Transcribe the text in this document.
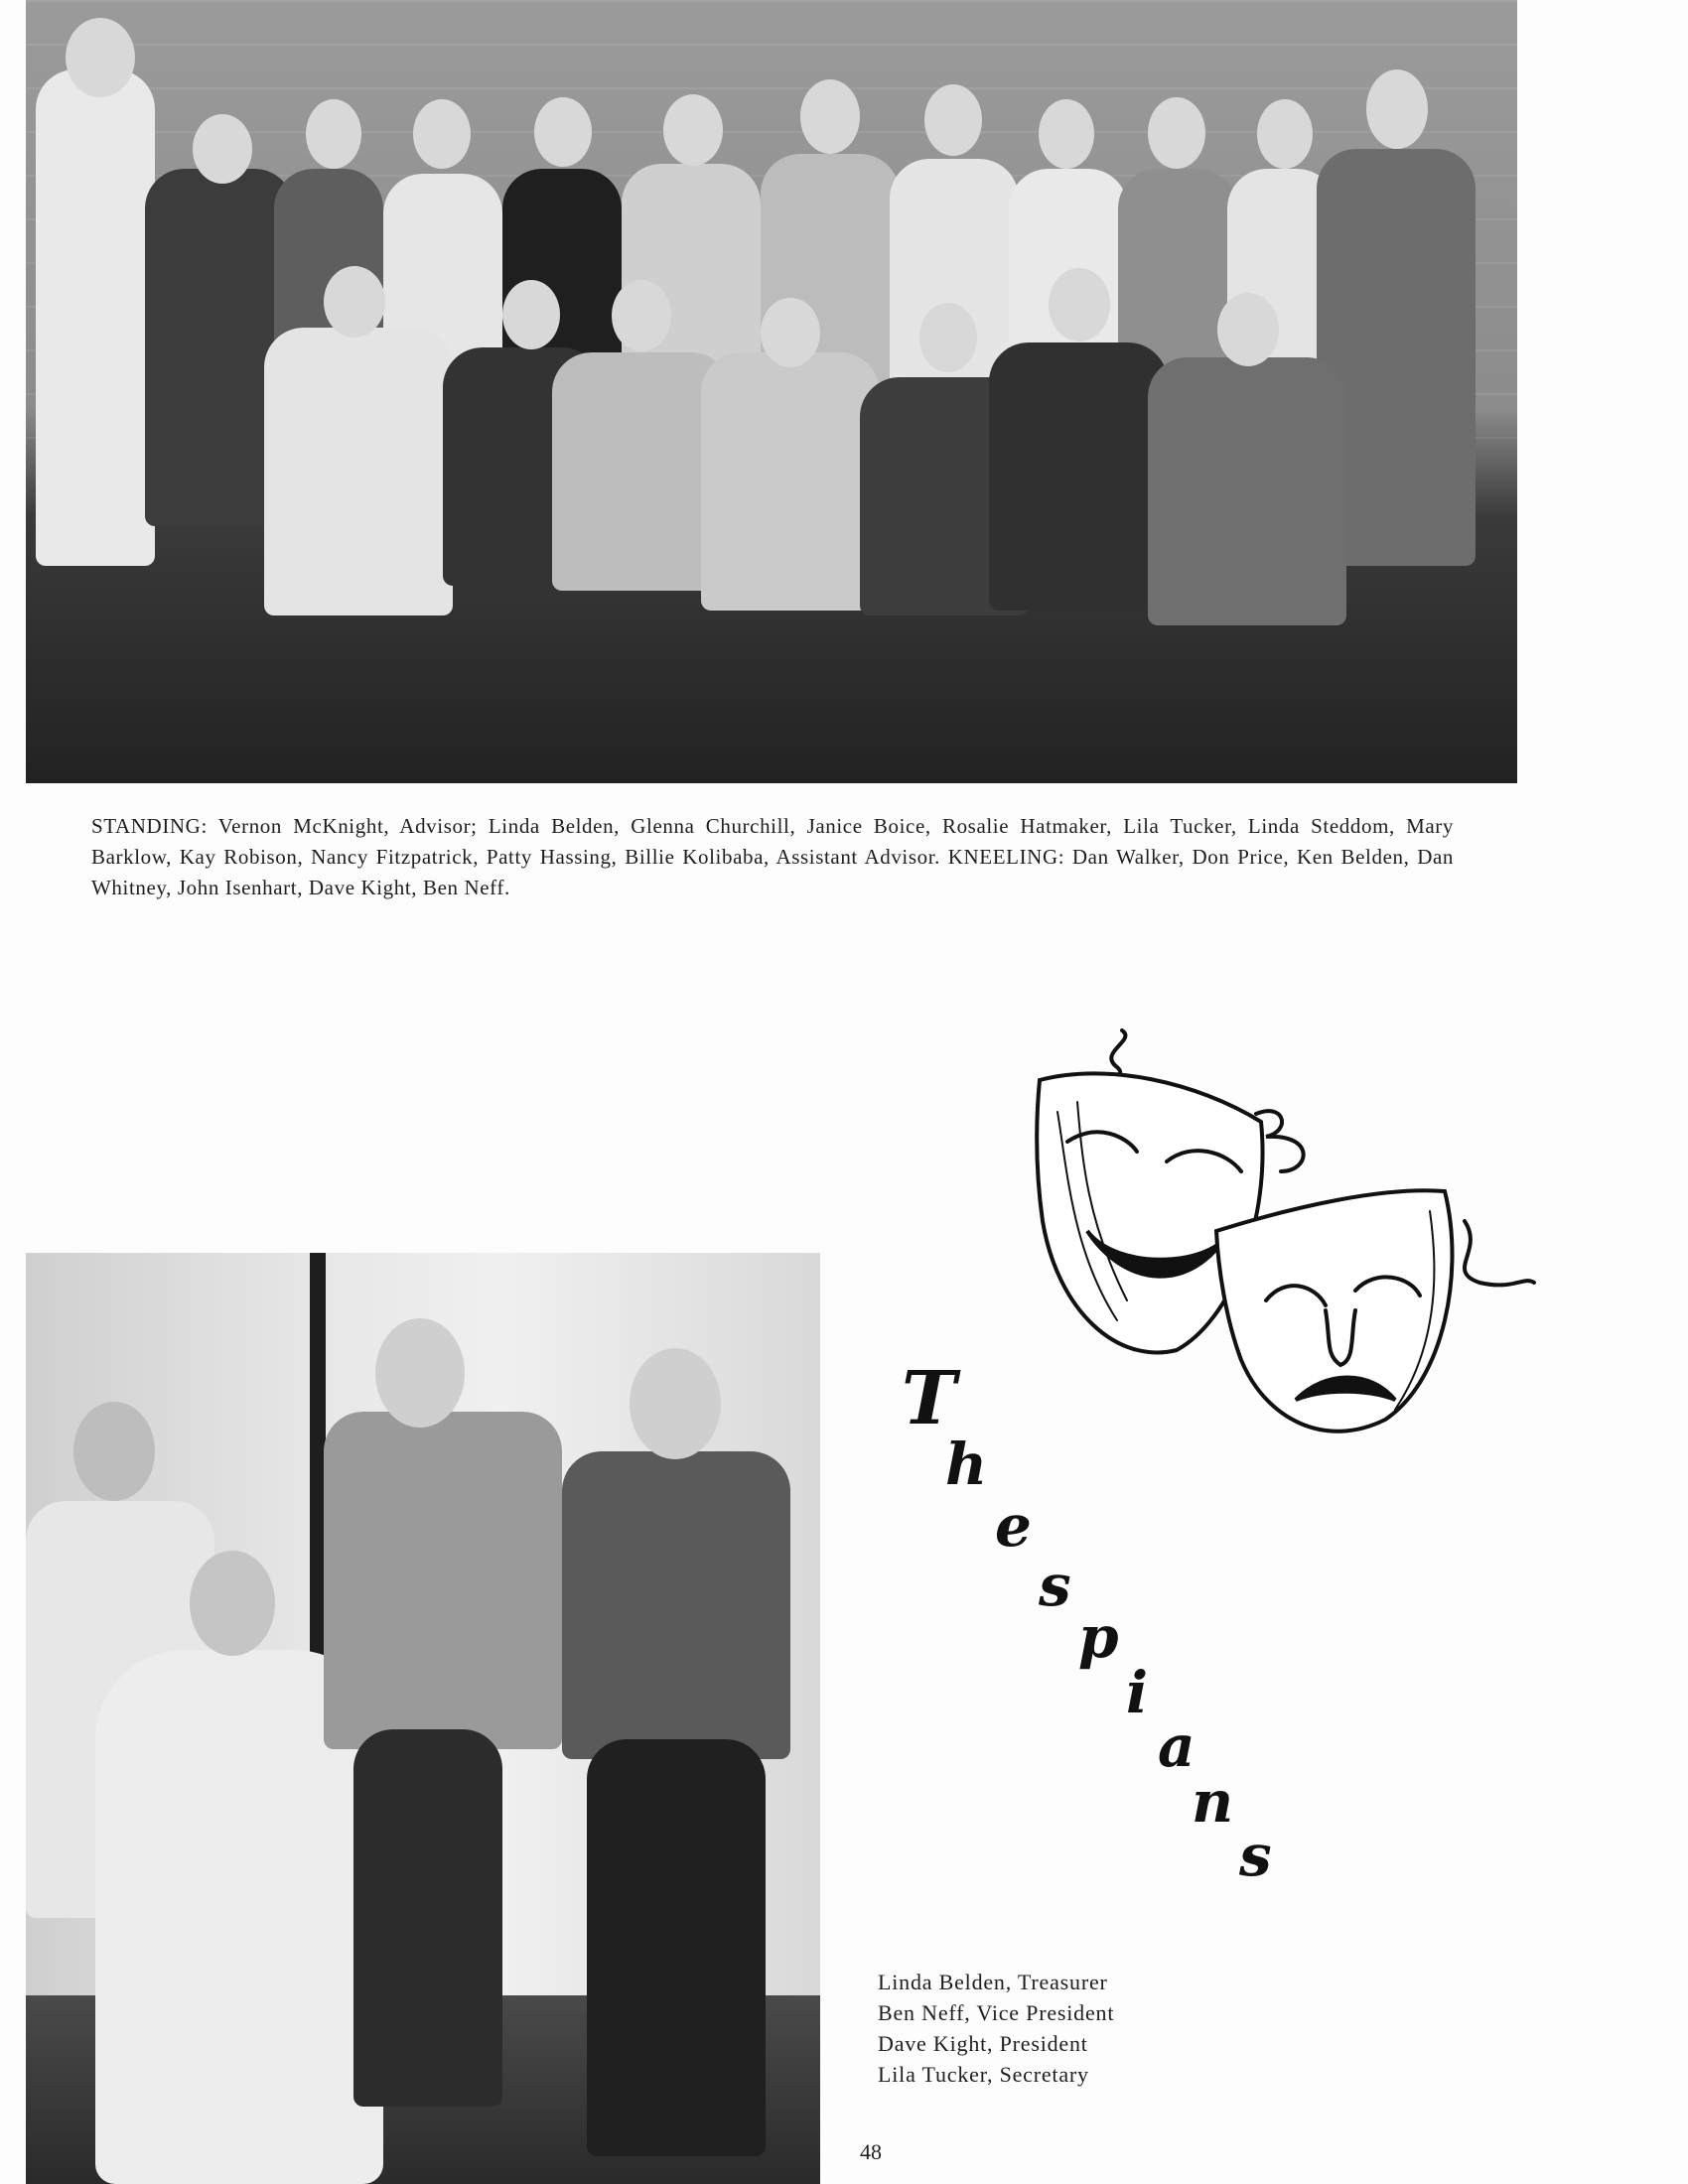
STANDING: Vernon McKnight, Advisor; Linda Belden, Glenna Churchill, Janice Boice, Rosalie Hatmaker, Lila Tucker, Linda Steddom, Mary Barklow, Kay Robison, Nancy Fitzpatrick, Patty Hassing, Billie Kolibaba, Assistant Advisor. KNEELING: Dan Walker, Don Price, Ken Belden, Dan Whitney, John Isenhart, Dave Kight, Ben Neff.

T
h
e
s
p
i
a
n
s
Linda Belden, Treasurer
Ben Neff, Vice President
Dave Kight, President
Lila Tucker, Secretary
48
